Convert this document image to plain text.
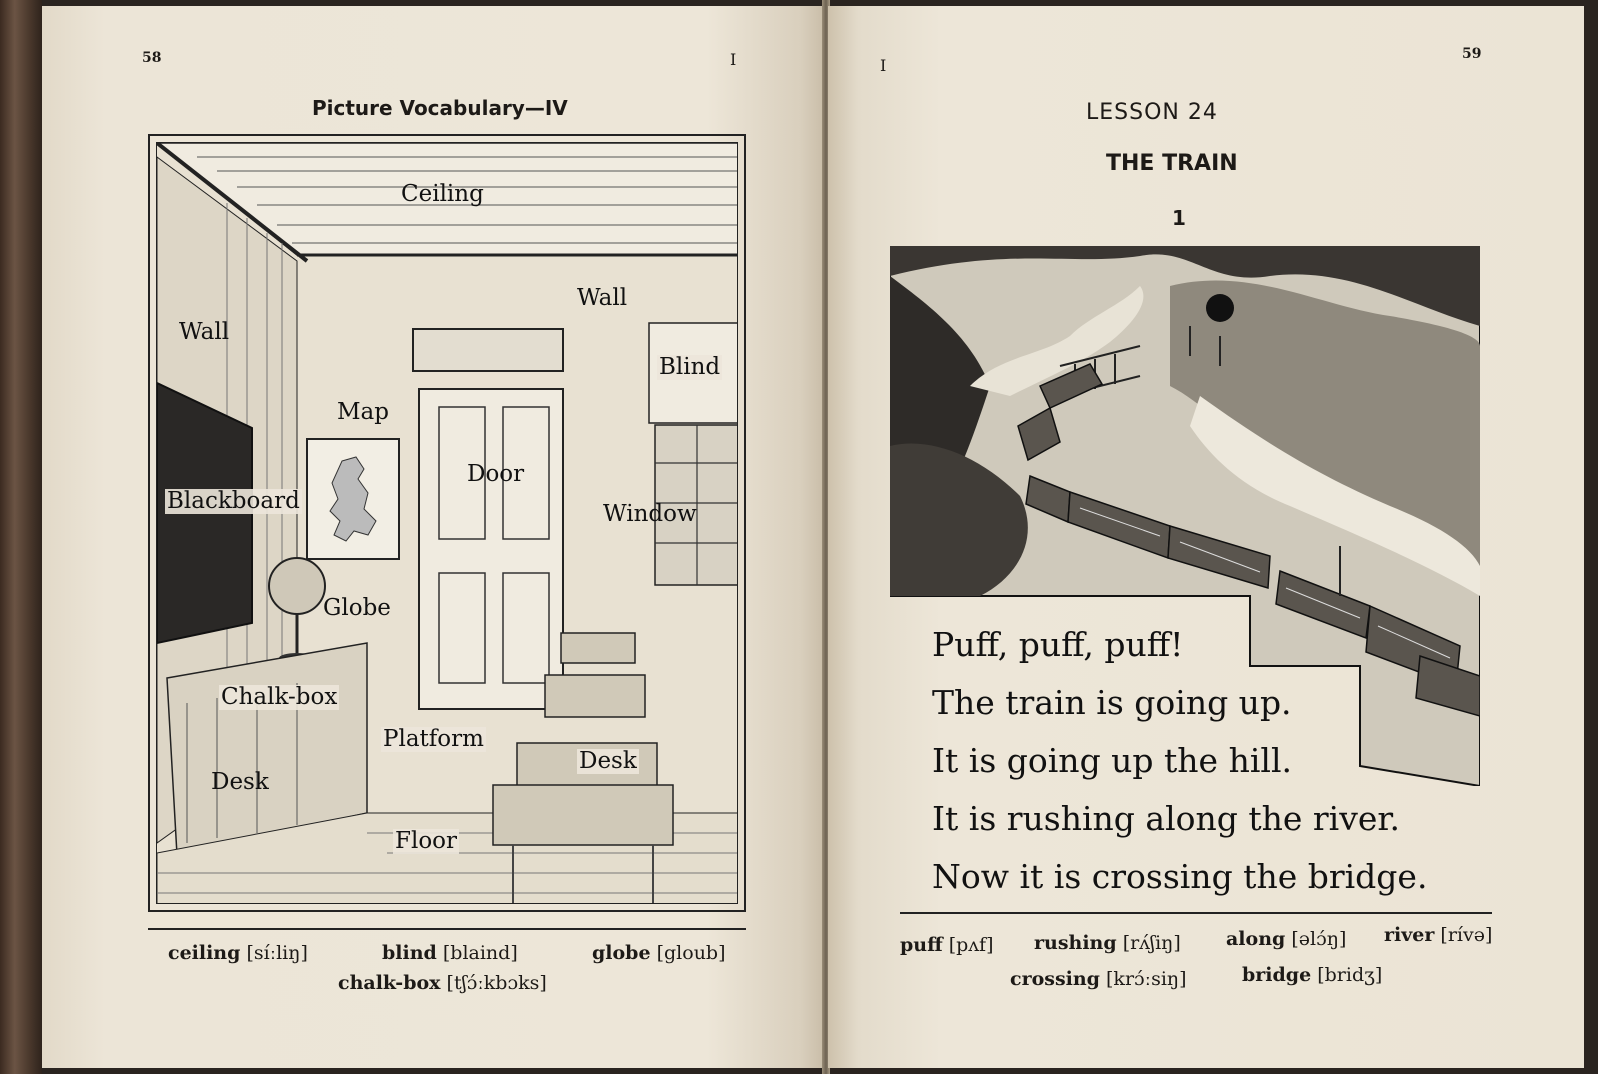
58	I
Picture Vocabulary—IV
Ceiling
Wall
Wall
Blind
Map
Door
Blackboard	Window
Globe
Chalk-box
Platform
Desk
Desk
Floor
ceiling [síːliŋ]	blind [blaind]	globe [gloub]
chalk-box [tʃɔ́ːkbɔks]
I
59
LESSON 24
THE TRAIN
1
Puff, puff, puff!
The train is going up.
It is going up the hill.
It is rushing along the river.
Now it is crossing the bridge.
puff [pʌf] rushing [rʌ́ʃiŋ] along [əlɔ́ŋ] river [rívə]
crossing [krɔ́ːsiŋ]	bridge [bridʒ]
